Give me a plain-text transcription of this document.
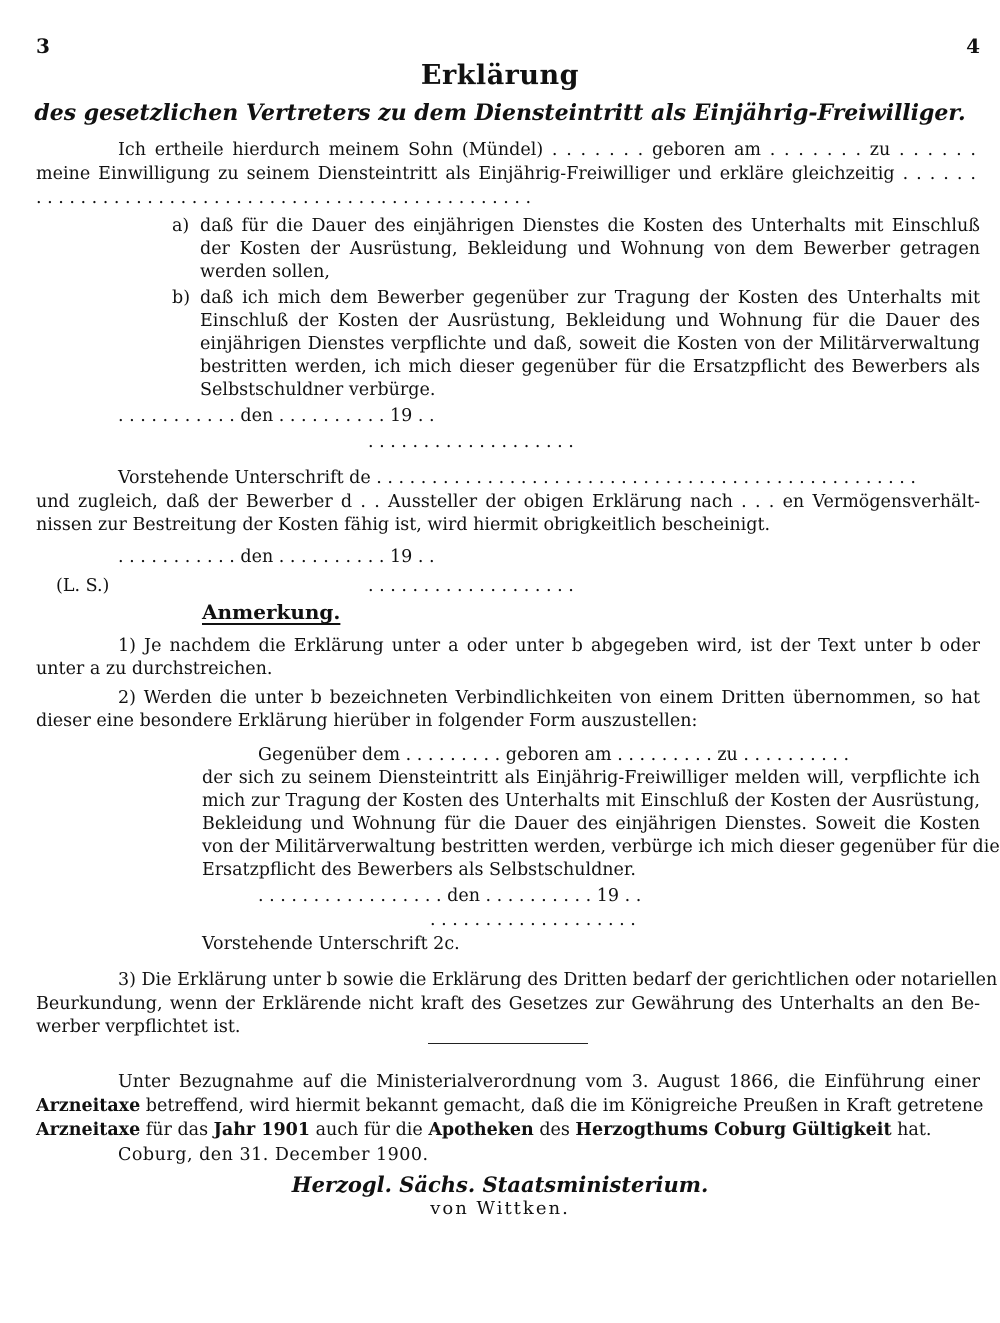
3	4
Erklärung
des gesetzlichen Vertreters zu dem Diensteintritt als Einjährig-Freiwilliger.
Ich ertheile hierdurch meinem Sohn (Mündel) . . . . . . . geboren am . . . . . . . zu . . . . . .
meine Einwilligung zu seinem Diensteintritt als Einjährig-Freiwilliger und erkläre gleichzeitig . . . . . .
. . . . . . . . . . . . . . . . . . . . . . . . . . . . . . . . . . . . . . . . . . . . .
a) daß für die Dauer des einjährigen Dienstes die Kosten des Unterhalts mit Einschluß
der Kosten der Ausrüstung, Bekleidung und Wohnung von dem Bewerber getragen
werden sollen,
b) daß ich mich dem Bewerber gegenüber zur Tragung der Kosten des Unterhalts mit
Einschluß der Kosten der Ausrüstung, Bekleidung und Wohnung für die Dauer des
einjährigen Dienstes verpflichte und daß, soweit die Kosten von der Militärverwaltung
bestritten werden, ich mich dieser gegenüber für die Ersatzpflicht des Bewerbers als
Selbstschuldner verbürge.
. . . . . . . . . . . den . . . . . . . . . . 19 . .
. . . . . . . . . . . . . . . . . . .
Vorstehende Unterschrift de . . . . . . . . . . . . . . . . . . . . . . . . . . . . . . . . . . . . . . . . . . . . . . . . .
und zugleich, daß der Bewerber d . . Aussteller der obigen Erklärung nach . . . en Vermögensverhält-
nissen zur Bestreitung der Kosten fähig ist, wird hiermit obrigkeitlich bescheinigt.
. . . . . . . . . . . den . . . . . . . . . . 19 . .
(L. S.)	. . . . . . . . . . . . . . . . . . .
Anmerkung.
1) Je nachdem die Erklärung unter a oder unter b abgegeben wird, ist der Text unter b oder
unter a zu durchstreichen.
2) Werden die unter b bezeichneten Verbindlichkeiten von einem Dritten übernommen, so hat
dieser eine besondere Erklärung hierüber in folgender Form auszustellen:
Gegenüber dem . . . . . . . . . geboren am . . . . . . . . . zu . . . . . . . . . .
der sich zu seinem Diensteintritt als Einjährig-Freiwilliger melden will, verpflichte ich
mich zur Tragung der Kosten des Unterhalts mit Einschluß der Kosten der Ausrüstung,
Bekleidung und Wohnung für die Dauer des einjährigen Dienstes. Soweit die Kosten
von der Militärverwaltung bestritten werden, verbürge ich mich dieser gegenüber für die
Ersatzpflicht des Bewerbers als Selbstschuldner.
. . . . . . . . . . . . . . . . . den . . . . . . . . . . 19 . .
. . . . . . . . . . . . . . . . . . .
Vorstehende Unterschrift 2c.
3) Die Erklärung unter b sowie die Erklärung des Dritten bedarf der gerichtlichen oder notariellen
Beurkundung, wenn der Erklärende nicht kraft des Gesetzes zur Gewährung des Unterhalts an den Be-
werber verpflichtet ist.
Unter Bezugnahme auf die Ministerialverordnung vom 3. August 1866, die Einführung einer
Arzneitaxe betreffend, wird hiermit bekannt gemacht, daß die im Königreiche Preußen in Kraft getretene
Arzneitaxe für das Jahr 1901 auch für die Apotheken des Herzogthums Coburg Gültigkeit hat.
Coburg, den 31. December 1900.
Herzogl. Sächs. Staatsministerium.
von Wittken.
